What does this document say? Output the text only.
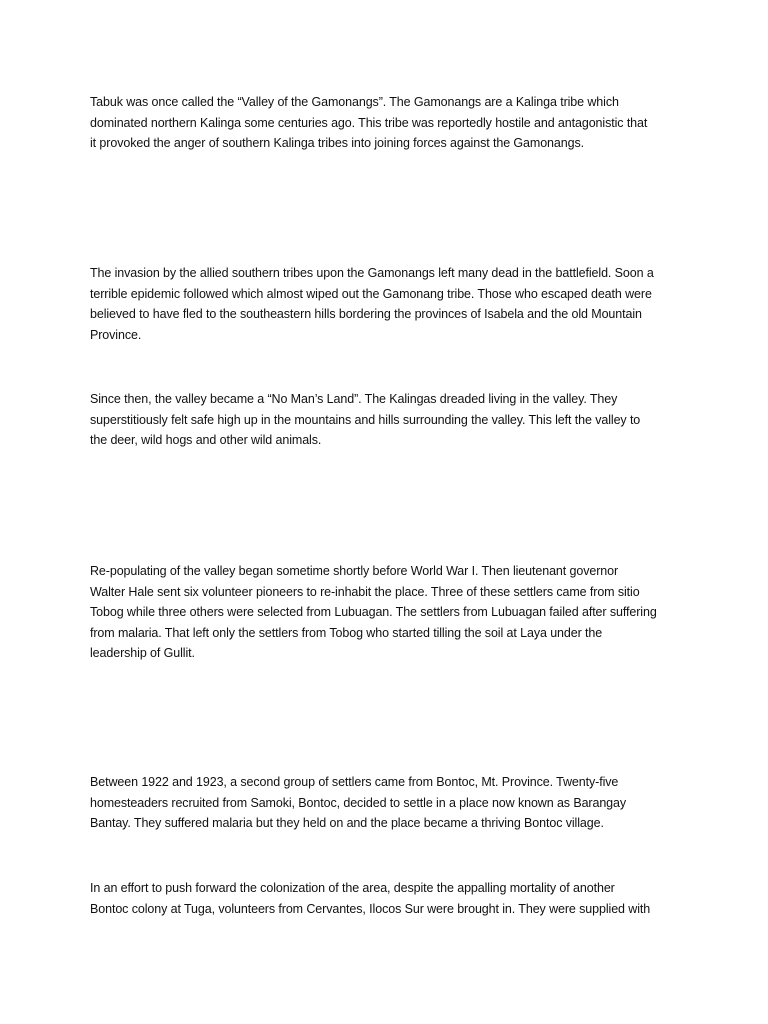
Tabuk was once called the “Valley of the Gamonangs”. The Gamonangs are a Kalinga tribe which
dominated northern Kalinga some centuries ago. This tribe was reportedly hostile and antagonistic that
it provoked the anger of southern Kalinga tribes into joining forces against the Gamonangs.

The invasion by the allied southern tribes upon the Gamonangs left many dead in the battlefield. Soon a
terrible epidemic followed which almost wiped out the Gamonang tribe. Those who escaped death were
believed to have fled to the southeastern hills bordering the provinces of Isabela and the old Mountain
Province.

Since then, the valley became a “No Man’s Land”. The Kalingas dreaded living in the valley. They
superstitiously felt safe high up in the mountains and hills surrounding the valley. This left the valley to
the deer, wild hogs and other wild animals.

Re-populating of the valley began sometime shortly before World War I. Then lieutenant governor
Walter Hale sent six volunteer pioneers to re-inhabit the place. Three of these settlers came from sitio
Tobog while three others were selected from Lubuagan. The settlers from Lubuagan failed after suffering
from malaria. That left only the settlers from Tobog who started tilling the soil at Laya under the
leadership of Gullit.

Between 1922 and 1923, a second group of settlers came from Bontoc, Mt. Province. Twenty-five
homesteaders recruited from Samoki, Bontoc, decided to settle in a place now known as Barangay
Bantay. They suffered malaria but they held on and the place became a thriving Bontoc village.

In an effort to push forward the colonization of the area, despite the appalling mortality of another
Bontoc colony at Tuga, volunteers from Cervantes, Ilocos Sur were brought in. They were supplied with
